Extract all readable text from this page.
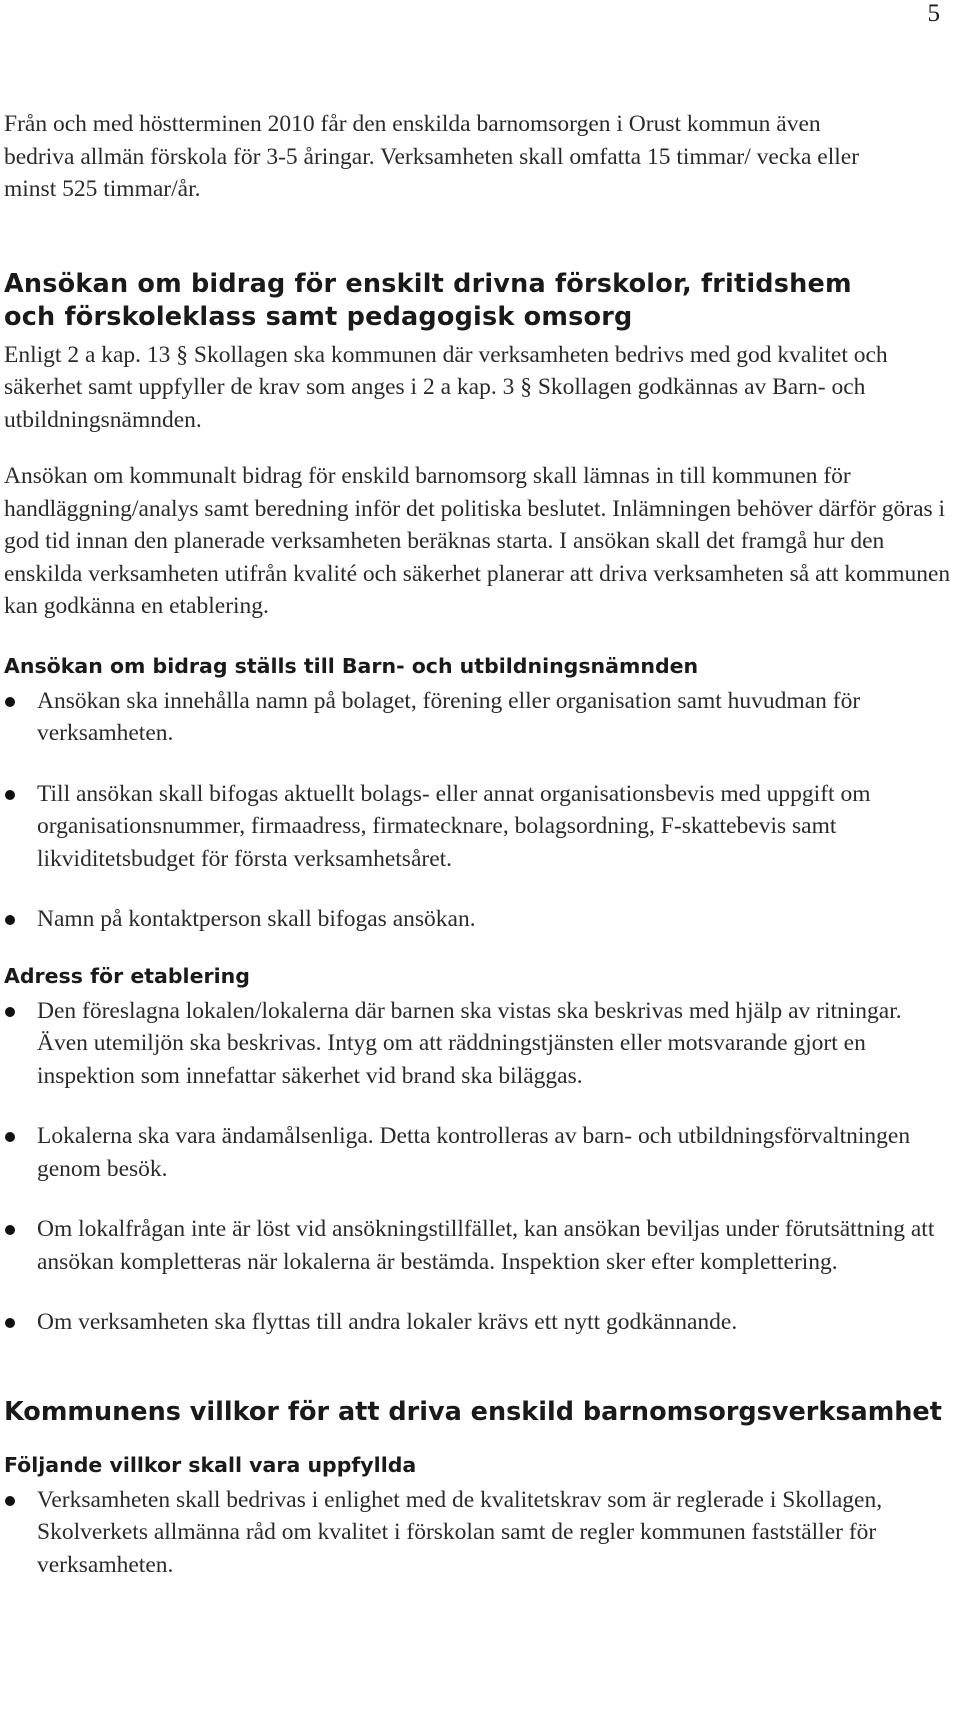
5

Från och med höstterminen 2010 får den enskilda barnomsorgen i Orust kommun även bedriva allmän förskola för 3-5 åringar. Verksamheten skall omfatta 15 timmar/ vecka eller minst 525 timmar/år.

Ansökan om bidrag för enskilt drivna förskolor, fritidshem och förskoleklass samt pedagogisk omsorg

Enligt 2 a kap. 13 § Skollagen ska kommunen där verksamheten bedrivs med god kvalitet och säkerhet samt uppfyller de krav som anges i 2 a kap. 3 § Skollagen godkännas av Barn- och utbildningsnämnden.

Ansökan om kommunalt bidrag för enskild barnomsorg skall lämnas in till kommunen för handläggning/analys samt beredning inför det politiska beslutet. Inlämningen behöver därför göras i god tid innan den planerade verksamheten beräknas starta. I ansökan skall det framgå hur den enskilda verksamheten utifrån kvalité och säkerhet planerar att driva verksamheten så att kommunen kan godkänna en etablering.

Ansökan om bidrag ställs till Barn- och utbildningsnämnden
Ansökan ska innehålla namn på bolaget, förening eller organisation samt huvudman för verksamheten.
Till ansökan skall bifogas aktuellt bolags- eller annat organisationsbevis med uppgift om organisationsnummer, firmaadress, firmatecknare, bolagsordning, F-skattebevis samt likviditetsbudget för första verksamhetsåret.
Namn på kontaktperson skall bifogas ansökan.
Adress för etablering
Den föreslagna lokalen/lokalerna där barnen ska vistas ska beskrivas med hjälp av ritningar. Även utemiljön ska beskrivas. Intyg om att räddningstjänsten eller motsvarande gjort en inspektion som innefattar säkerhet vid brand ska biläggas.
Lokalerna ska vara ändamålsenliga. Detta kontrolleras av barn- och utbildningsförvaltningen genom besök.
Om lokalfrågan inte är löst vid ansökningstillfället, kan ansökan beviljas under förutsättning att ansökan kompletteras när lokalerna är bestämda. Inspektion sker efter komplettering.
Om verksamheten ska flyttas till andra lokaler krävs ett nytt godkännande.
Kommunens villkor för att driva enskild barnomsorgsverksamhet
Följande villkor skall vara uppfyllda
Verksamheten skall bedrivas i enlighet med de kvalitetskrav som är reglerade i Skollagen, Skolverkets allmänna råd om kvalitet i förskolan samt de regler kommunen fastställer för verksamheten.
